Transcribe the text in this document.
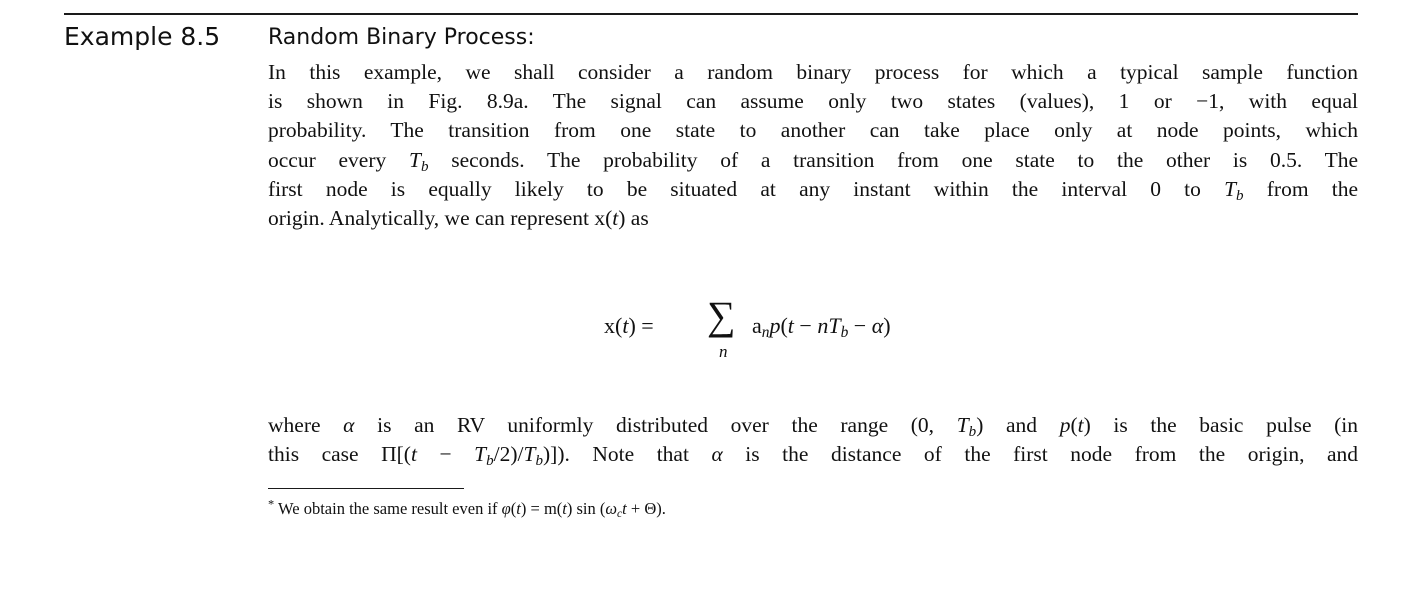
Example 8.5 Random Binary Process:
In this example, we shall consider a random binary process for which a typical sample function
is shown in Fig. 8.9a. The signal can assume only two states (values), 1 or −1, with equal
probability. The transition from one state to another can take place only at node points, which
occur every $T_b$ seconds. The probability of a transition from one state to the other is 0.5. The
first node is equally likely to be situated at any instant within the interval 0 to $T_b$ from the
origin. Analytically, we can represent x(t) as
x(t) = ∑
n
$a_np(t - nT_b - \alpha)$
where α is an RV uniformly distributed over the range (0, $T_b$) and p(t) is the basic pulse (in
this case $\Pi[(t - T_b/2)/T_b)$]). Note that α is the distance of the first node from the origin, and
* We obtain the same result even if φ(t) = m(t) $\sin (\omega_ct + \Theta)$.
